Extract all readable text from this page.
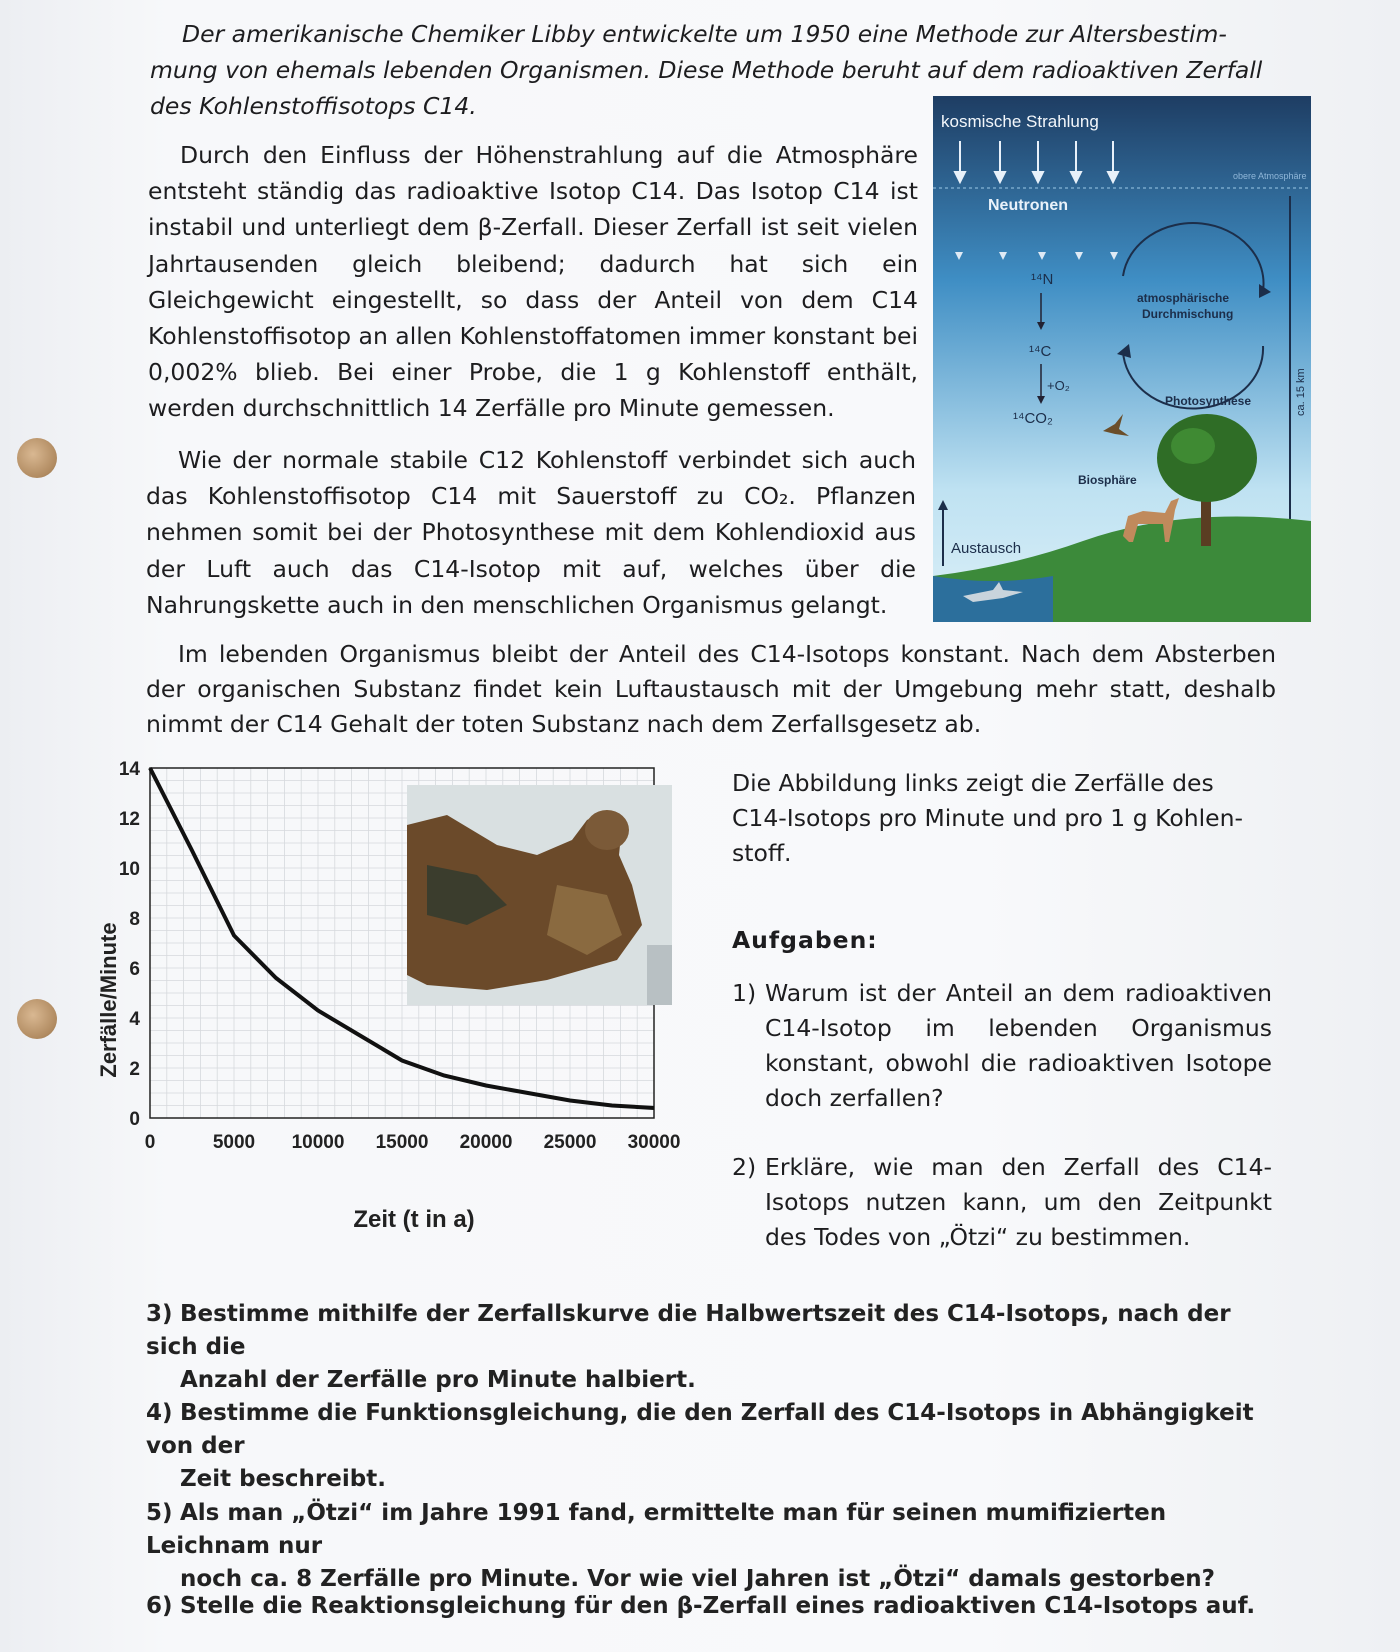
Der amerikanische Chemiker Libby entwickelte um 1950 eine Methode zur Altersbestim-

mung von ehemals lebenden Organismen. Diese Methode beruht auf dem radioaktiven Zerfall

des Kohlenstoffisotops C14.

Durch den Einfluss der Höhenstrahlung auf die Atmosphäre entsteht ständig das radioaktive Isotop C14. Das Isotop C14 ist instabil und unterliegt dem β-Zerfall. Dieser Zerfall ist seit vielen Jahrtausenden gleich bleibend; dadurch hat sich ein Gleichgewicht eingestellt, so dass der Anteil von dem C14 Kohlenstoffisotop an allen Kohlenstoffatomen immer konstant bei 0,002% blieb. Bei einer Probe, die 1 g Kohlenstoff enthält, werden durchschnittlich 14 Zerfälle pro Minute gemessen.

Wie der normale stabile C12 Kohlenstoff verbindet sich auch das Kohlenstoffisotop C14 mit Sauerstoff zu CO₂. Pflanzen nehmen somit bei der Photosynthese mit dem Kohlendioxid aus der Luft auch das C14-Isotop mit auf, welches über die Nahrungskette auch in den menschlichen Organismus gelangt.

Im lebenden Organismus bleibt der Anteil des C14-Isotops konstant. Nach dem Absterben der organischen Substanz findet kein Luftaustausch mit der Umgebung mehr statt, deshalb nimmt der C14 Gehalt der toten Substanz nach dem Zerfallsgesetz ab.

kosmische Strahlung
obere Atmosphäre
Neutronen
¹⁴N
¹⁴C
+O₂
¹⁴CO₂
atmosphärische
Durchmischung
Photosynthese
Biosphäre
Austausch
ca. 15 km
0	5000 10000 15000 20000 25000 30000
0
2
4
6
8
10
12
14
Zeit (t in a)
Zerfälle/Minute

Die Abbildung links zeigt die Zerfälle des

C14-Isotops pro Minute und pro 1 g Kohlen-

stoff.

Aufgaben:
1) Warum ist der Anteil an dem radioaktiven C14-Isotop im lebenden Organismus konstant, obwohl die radioaktiven Isotope doch zerfallen?
2) Erkläre, wie man den Zerfall des C14-Isotops nutzen kann, um den Zeitpunkt des Todes von „Ötzi“ zu bestimmen.
3) Bestimme mithilfe der Zerfallskurve die Halbwertszeit des C14-Isotops, nach der sich die
Anzahl der Zerfälle pro Minute halbiert.
4) Bestimme die Funktionsgleichung, die den Zerfall des C14-Isotops in Abhängigkeit von der
Zeit beschreibt.
5) Als man „Ötzi“ im Jahre 1991 fand, ermittelte man für seinen mumifizierten Leichnam nur
noch ca. 8 Zerfälle pro Minute. Vor wie viel Jahren ist „Ötzi“ damals gestorben?
6) Stelle die Reaktionsgleichung für den β-Zerfall eines radioaktiven C14-Isotops auf.
